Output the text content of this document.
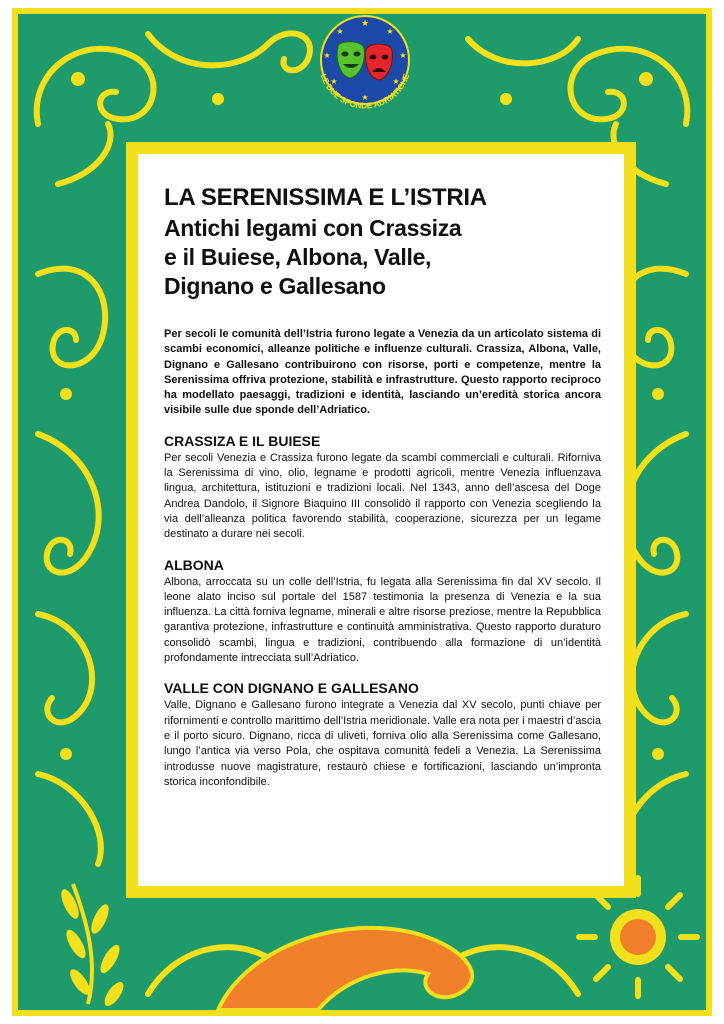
LA SERENISSIMA E L’ISTRIA
Antichi legami con Crassiza
e il Buiese, Albona, Valle,
Dignano e Gallesano
Per secoli le comunità dell’Istria furono legate a Venezia da un articolato sistema di scambi economici, alleanze politiche e influenze culturali. Crassiza, Albona, Valle, Dignano e Gallesano contribuirono con risorse, porti e competenze, mentre la Serenissima offriva protezione, stabilità e infrastrutture. Questo rapporto reciproco ha modellato paesaggi, tradizioni e identità, lasciando un’eredità storica ancora visibile sulle due sponde dell’Adriatico.
CRASSIZA E IL BUIESE
Per secoli Venezia e Crassiza furono legate da scambi commerciali e culturali. Riforniva la Serenissima di vino, olio, legname e prodotti agricoli, mentre Venezia influenzava lingua, architettura, istituzioni e tradizioni locali. Nel 1343, anno dell’ascesa del Doge Andrea Dandolo, il Signore Biaquino III consolidò il rapporto con Venezia scegliendo la via dell’alleanza politica favorendo stabilità, cooperazione, sicurezza per un legame destinato a durare nei secoli.
ALBONA
Albona, arroccata su un colle dell’Istria, fu legata alla Serenissima fin dal XV secolo. Il leone alato inciso sul portale del 1587 testimonia la presenza di Venezia e la sua influenza. La città forniva legname, minerali e altre risorse preziose, mentre la Repubblica garantiva protezione, infrastrutture e continuità amministrativa. Questo rapporto duraturo consolidò scambi, lingua e tradizioni, contribuendo alla formazione di un’identità profondamente intrecciata sull’Adriatico.
VALLE CON DIGNANO E GALLESANO
Valle, Dignano e Gallesano furono integrate a Venezia dal XV secolo, punti chiave per rifornimenti e controllo marittimo dell’Istria meridionale. Valle era nota per i maestri d’ascia e il porto sicuro. Dignano, ricca di uliveti, forniva olio alla Serenissima come Gallesano, lungo l’antica via verso Pola, che ospitava comunità fedeli a Venezia. La Serenissima introdusse nuove magistrature, restaurò chiese e fortificazioni, lasciando un’impronta storica inconfondibile.
★
★	★
★	★
★	★
★
LE DUE SPONDE ADRIATICHE
